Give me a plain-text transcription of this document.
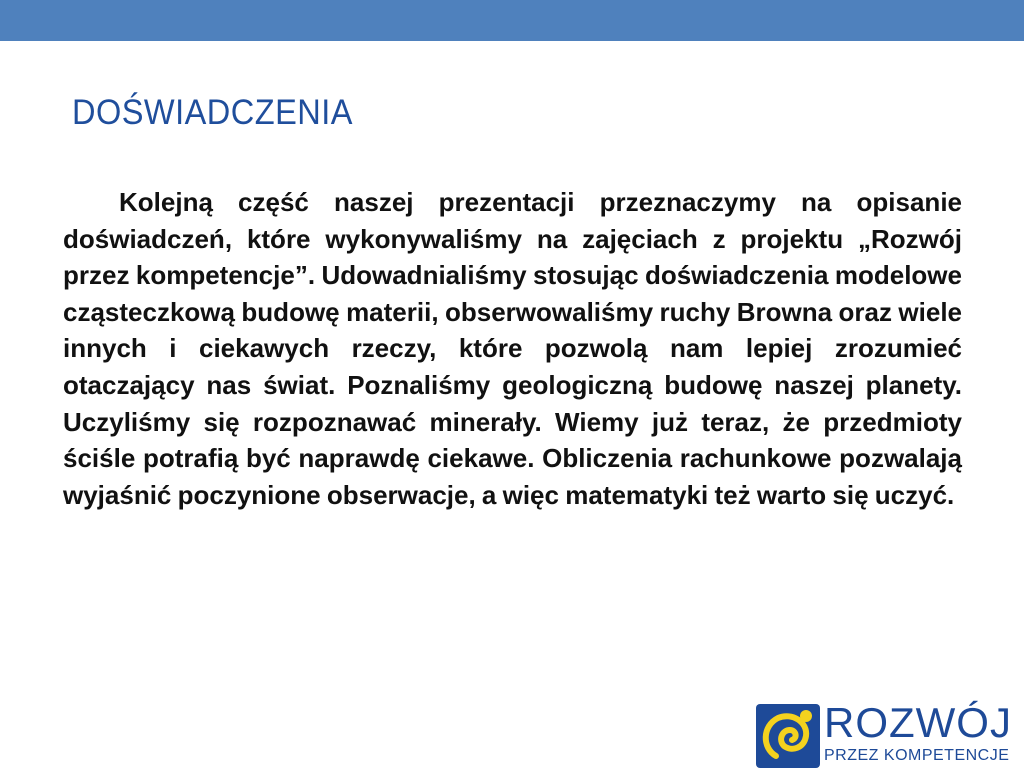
DOŚWIADCZENIA

Kolejną część naszej prezentacji przeznaczymy na opisanie doświadczeń, które wykonywaliśmy na zajęciach z projektu „Rozwój przez kompetencje”. Udowadnialiśmy stosując doświadczenia modelowe cząsteczkową budowę materii, obserwowaliśmy ruchy Browna oraz wiele innych i ciekawych rzeczy, które pozwolą nam lepiej zrozumieć otaczający nas świat. Poznaliśmy geologiczną budowę naszej planety. Uczyliśmy się rozpoznawać minerały. Wiemy już teraz, że przedmioty ściśle potrafią być naprawdę ciekawe. Obliczenia rachunkowe pozwalają wyjaśnić poczynione obserwacje, a więc matematyki też warto się uczyć.

ROZWÓJ
PRZEZ KOMPETENCJE
